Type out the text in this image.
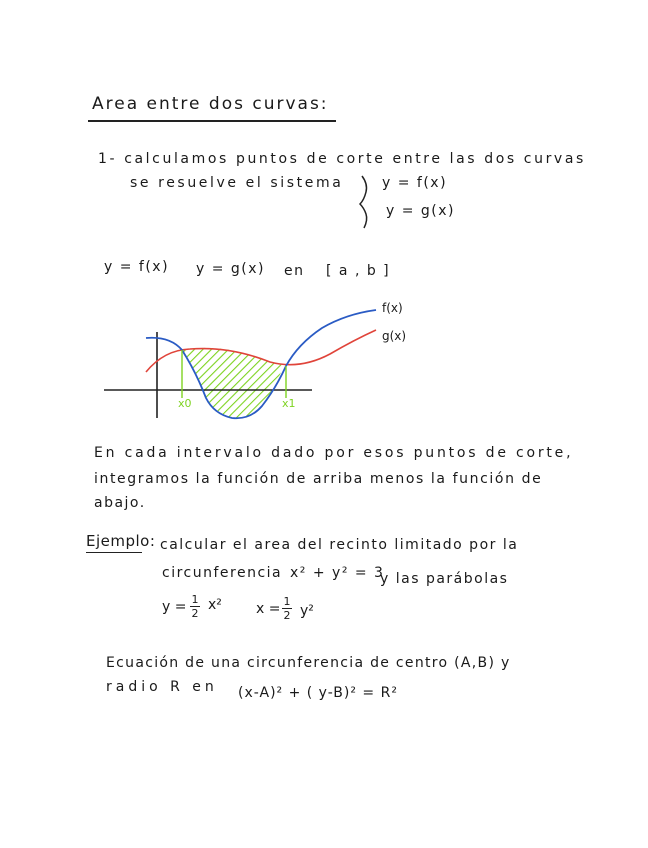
Area entre dos curvas:
1- calculamos puntos de corte entre las dos curvas
se resuelve el sistema	y = f(x)
y = g(x)
y = f(x) y = g(x) en [ a , b ]
f(x)
g(x)
x0	x1
En cada intervalo dado por esos puntos de corte,
integramos la función de arriba menos la función de
abajo.
Ejemplo: calcular el area del recinto limitado por la
circunferencia x² + y² = 3
y las parábolas
y = 1
2
x² x = 1
2 y²
Ecuación de una circunferencia de centro (A,B) y
radio R en (x-A)² + ( y-B)² = R²
